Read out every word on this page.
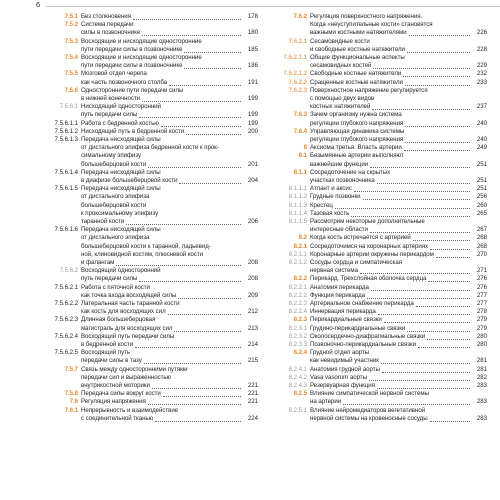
6
7.5.1 Без столкновения	178
7.5.2 Система передачи
силы в позвоночнике	180
7.5.3 Восходящие и нисходящие односторонние
пути передачи силы в позвоночнике	185
7.5.4 Восходящие и нисходящие односторонние
пути передачи силы в позвоночнике	186
7.5.5 Мозговой отдел черепа
как часть позвоночного столба	191
7.5.6 Односторонние пути передачи силы
в нижней конечности	199
7.5.6.1 Нисходящий односторонний
путь передачи силы	199
7.5.6.1.1 Работа с бедренной костью	199
7.5.6.1.2 Нисходящий путь в бедренной кости	200
7.5.6.1.3 Передача нисходящей силы
от дистального эпифиза бедренной кости к прок-
симальному эпифизу
большеберцовой кости	201
7.5.6.1.4 Передача нисходящей силы
в диафизе большеберцовой кости	204
7.5.6.1.5 Передача нисходящей силы
от дистального эпифиза
большеберцовой кости
к проксимальному эпифизу
таранной кости	206
7.5.6.1.6 Передача нисходящей силы
от дистального эпифиза
большеберцовой кости к таранной, ладьевид-
ной, клиновидной костям, плюсневой кости
и фалангам	208
7.5.6.2 Восходящий односторонний
путь передачи силы	208
7.5.6.2.1 Работа с пяточной кости
как точка входа восходящей силы	209
7.5.6.2.2 Латеральная часть таранной кости
как кость для восходящих сил	212
7.5.6.2.3 Длинная большеберцовая
магистраль для восходящих сил	213
7.5.6.2.4 Восходящий путь передачи силы
в бедренной кости	214
7.5.6.2.5 Восходящий путь
передачи силы в тазу	215
7.5.7 Связь между односторонними путями
передачи сил и выраженностью
внутрикостной моторики	221
7.5.8 Передача силы вокруг кости	221
7.6 Регуляция напряжения	221
7.6.1 Непрерывность и взаимодействие
с соединительной тканью	224
7.6.2 Регуляция поверхностного напряжения.
Когда «неуступительные кости» становятся
важными костными натяжителями	226
7.6.2.1 Сесамовидные кости
и свободные костные натяжители	228
7.6.2.1.1 Общие функциональные аспекты
сесамовидных костей	229
7.6.2.1.2 Свободные костные натяжители	232
7.6.2.2 Сращенные костные натяжители	233
7.6.2.3 Поверхностное напряжение регулируется
с помощью двух видов
костных натяжителей	237
7.6.3 Зачем организму нужна система
регуляции глубокого напряжения	240
7.6.4 Управляющая динамика системы
регуляции глубокого напряжения	240
8 Аксиома третья. Власть артерии	249
8.1 Безымянные артерии выполняют
важнейшие функции	251
8.1.1 Сосредоточение на скрытых
участках позвоночника	251
8.1.1.1 Атлант и аксис	251
8.1.1.2 Грудные позвонки	256
8.1.1.3 Крестец	260
8.1.1.4 Тазовая кость	265
8.1.1.5 Рассмотрим некоторые дополнительные
интересные области	267
8.2 Когда кость встречается с артерией	268
8.2.1 Сосредоточимся на коронарных артериях	268
8.2.1.1 Коронарные артерии окружены перикардом	270
8.2.1.2 Сосуды сердца и симпатическая
нервная система	271
8.2.2 Перикард. Трехслойная оболочка сердца	276
8.2.2.1 Анатомия перикарда	276
8.2.2.2 Функция перикарда	277
8.2.2.3 Артериальное снабжение перикарда	277
8.2.2.4 Иннервация перикарда	278
8.2.3 Перикардиальные связки	279
8.2.3.1 Грудино-перикардиальные связки	279
8.2.3.2 Околосердечно-диафрагмальные связки	280
8.2.3.3 Позвоночно-перикардиальные связки	280
8.2.4 Грудной отдел аорты
как невидимый участник	281
8.2.4.1 Анатомия грудной аорты	281
8.2.4.2 Vasa vasorum аорты	282
8.2.4.3 Резервуарная функция	283
8.2.5 Влияние симпатической нервной системы
на артерии	283
8.2.5.1 Влияние нейромедиаторов вегетативной
нервной системы на кровеносные сосуды	283
